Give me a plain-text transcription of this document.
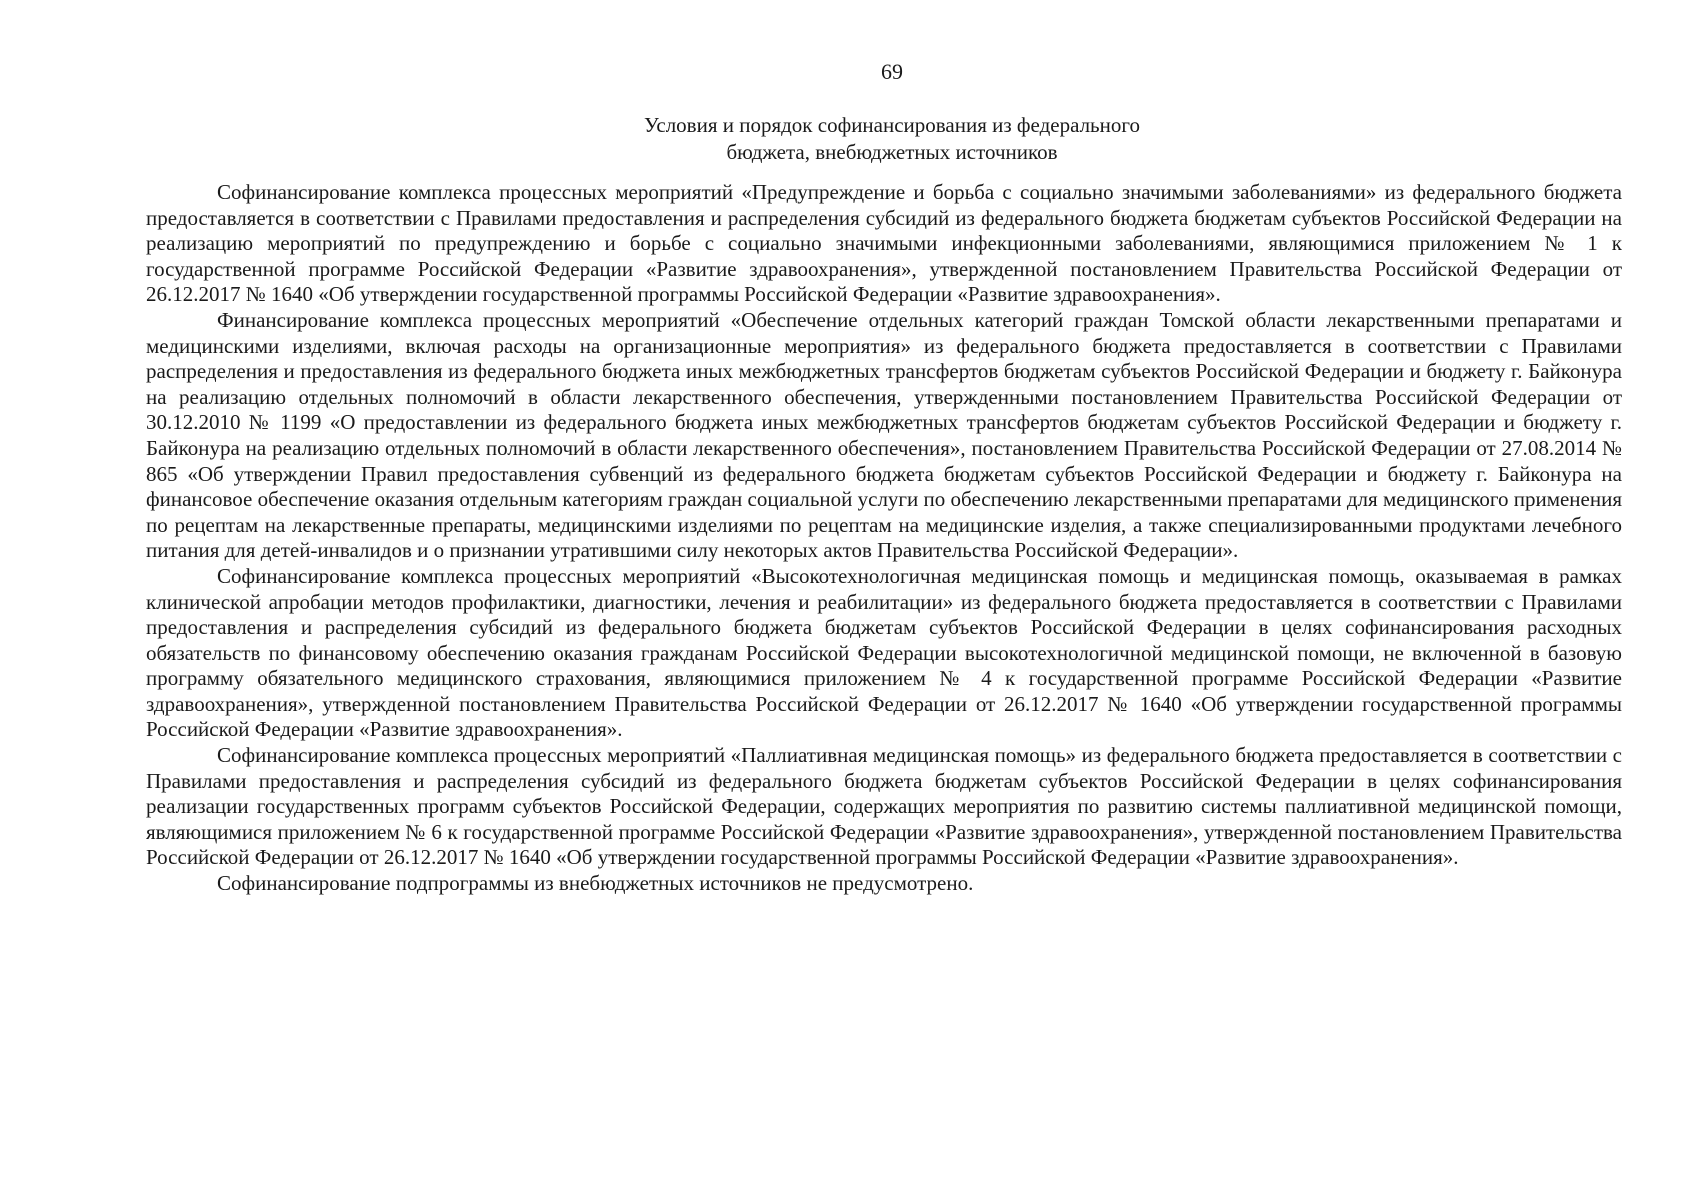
69
Условия и порядок софинансирования из федерального
бюджета, внебюджетных источников

Софинансирование комплекса процессных мероприятий «Предупреждение и борьба с социально значимыми заболеваниями» из федерального бюджета предоставляется в соответствии с Правилами предоставления и распределения субсидий из федерального бюджета бюджетам субъектов Российской Федерации на реализацию мероприятий по предупреждению и борьбе с социально значимыми инфекционными заболеваниями, являющимися приложением № 1 к государственной программе Российской Федерации «Развитие здравоохранения», утвержденной постановлением Правительства Российской Федерации от 26.12.2017 № 1640 «Об утверждении государственной программы Российской Федерации «Развитие здравоохранения».

Финансирование комплекса процессных мероприятий «Обеспечение отдельных категорий граждан Томской области лекарственными препаратами и медицинскими изделиями, включая расходы на организационные мероприятия» из федерального бюджета предоставляется в соответствии с Правилами распределения и предоставления из федерального бюджета иных межбюджетных трансфертов бюджетам субъектов Российской Федерации и бюджету г. Байконура на реализацию отдельных полномочий в области лекарственного обеспечения, утвержденными постановлением Правительства Российской Федерации от 30.12.2010 № 1199 «О предоставлении из федерального бюджета иных межбюджетных трансфертов бюджетам субъектов Российской Федерации и бюджету г. Байконура на реализацию отдельных полномочий в области лекарственного обеспечения», постановлением Правительства Российской Федерации от 27.08.2014 № 865 «Об утверждении Правил предоставления субвенций из федерального бюджета бюджетам субъектов Российской Федерации и бюджету г. Байконура на финансовое обеспечение оказания отдельным категориям граждан социальной услуги по обеспечению лекарственными препаратами для медицинского применения по рецептам на лекарственные препараты, медицинскими изделиями по рецептам на медицинские изделия, а также специализированными продуктами лечебного питания для детей-инвалидов и о признании утратившими силу некоторых актов Правительства Российской Федерации».

Софинансирование комплекса процессных мероприятий «Высокотехнологичная медицинская помощь и медицинская помощь, оказываемая в рамках клинической апробации методов профилактики, диагностики, лечения и реабилитации» из федерального бюджета предоставляется в соответствии с Правилами предоставления и распределения субсидий из федерального бюджета бюджетам субъектов Российской Федерации в целях софинансирования расходных обязательств по финансовому обеспечению оказания гражданам Российской Федерации высокотехнологичной медицинской помощи, не включенной в базовую программу обязательного медицинского страхования, являющимися приложением № 4 к государственной программе Российской Федерации «Развитие здравоохранения», утвержденной постановлением Правительства Российской Федерации от 26.12.2017 № 1640 «Об утверждении государственной программы Российской Федерации «Развитие здравоохранения».

Софинансирование комплекса процессных мероприятий «Паллиативная медицинская помощь» из федерального бюджета предоставляется в соответствии с Правилами предоставления и распределения субсидий из федерального бюджета бюджетам субъектов Российской Федерации в целях софинансирования реализации государственных программ субъектов Российской Федерации, содержащих мероприятия по развитию системы паллиативной медицинской помощи, являющимися приложением № 6 к государственной программе Российской Федерации «Развитие здравоохранения», утвержденной постановлением Правительства Российской Федерации от 26.12.2017 № 1640 «Об утверждении государственной программы Российской Федерации «Развитие здравоохранения».

Софинансирование подпрограммы из внебюджетных источников не предусмотрено.
